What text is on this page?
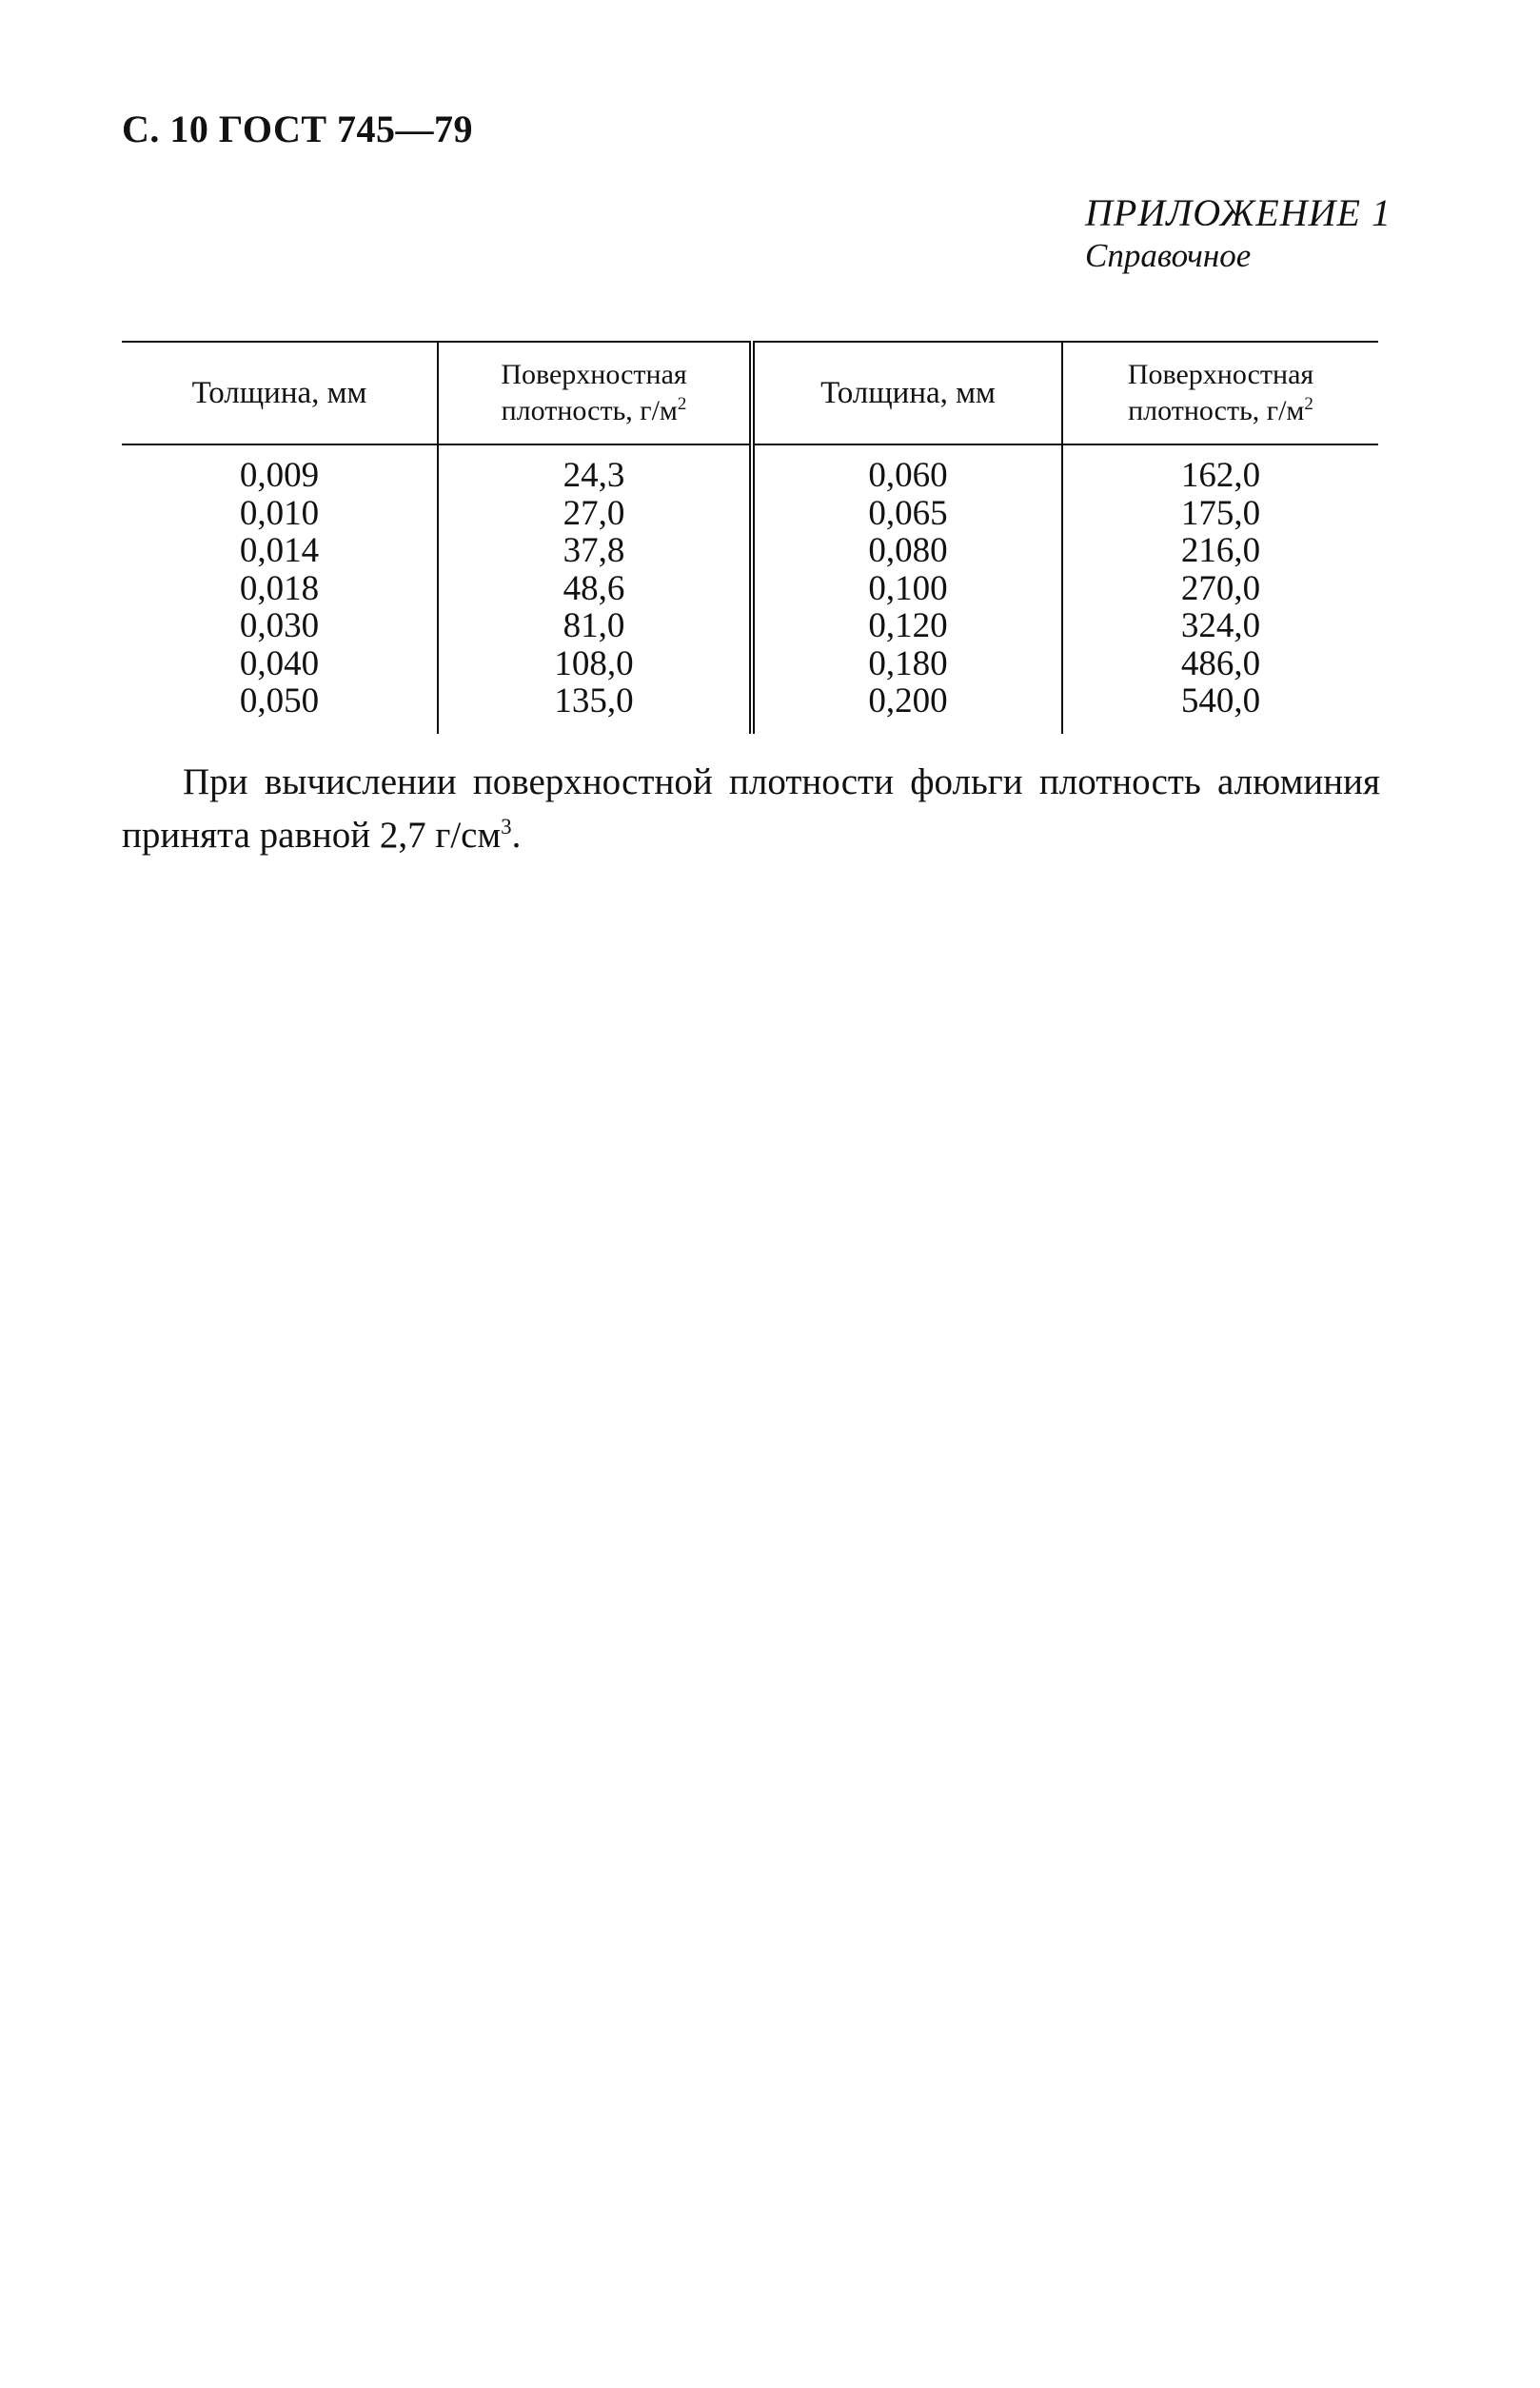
С. 10 ГОСТ 745—79
ПРИЛОЖЕНИЕ 1
Справочное
Толщина, мм	Поверхностная
плотность, $г/м^2$	Толщина, мм	Поверхностная
плотность, $г/м^2$
0,009	24,3	0,060	162,0
0,010	27,0	0,065	175,0
0,014	37,8	0,080	216,0
0,018	48,6	0,100	270,0
0,030	81,0	0,120	324,0
0,040	108,0	0,180	486,0
0,050	135,0	0,200	540,0

При вычислении поверхностной плотности фольги плотность алюминия принята равной 2,7 $г/см^3$.
